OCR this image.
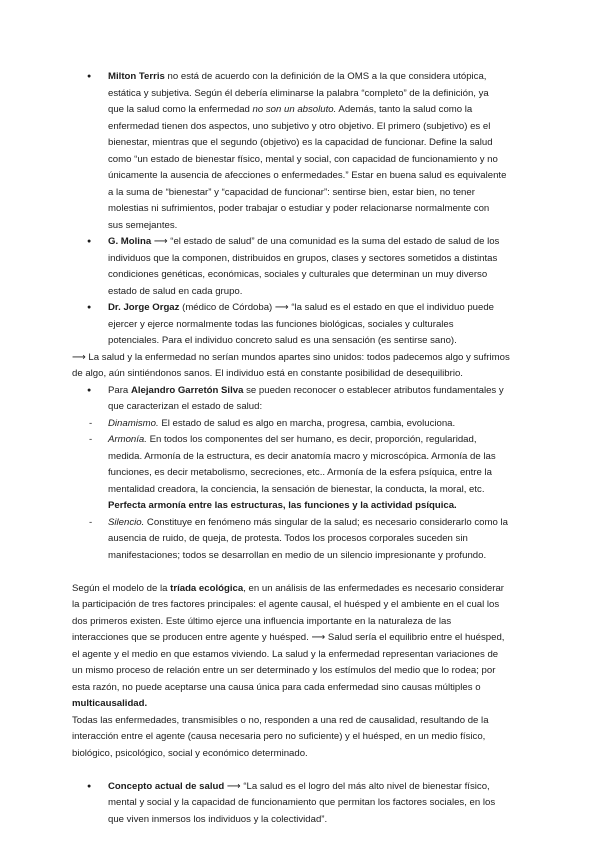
● Milton Terris no está de acuerdo con la definición de la OMS a la que considera utópica,
estática y subjetiva. Según él debería eliminarse la palabra “completo” de la definición, ya
que la salud como la enfermedad no son un absoluto. Además, tanto la salud como la
enfermedad tienen dos aspectos, uno subjetivo y otro objetivo. El primero (subjetivo) es el
bienestar, mientras que el segundo (objetivo) es la capacidad de funcionar. Define la salud
como “un estado de bienestar físico, mental y social, con capacidad de funcionamiento y no
únicamente la ausencia de afecciones o enfermedades.” Estar en buena salud es equivalente
a la suma de “bienestar” y “capacidad de funcionar”: sentirse bien, estar bien, no tener
molestias ni sufrimientos, poder trabajar o estudiar y poder relacionarse normalmente con
sus semejantes.
● G. Molina ⟶ “el estado de salud” de una comunidad es la suma del estado de salud de los
individuos que la componen, distribuidos en grupos, clases y sectores sometidos a distintas
condiciones genéticas, económicas, sociales y culturales que determinan un muy diverso
estado de salud en cada grupo.
● Dr. Jorge Orgaz (médico de Córdoba) ⟶ “la salud es el estado en que el individuo puede
ejercer y ejerce normalmente todas las funciones biológicas, sociales y culturales
potenciales. Para el individuo concreto salud es una sensación (es sentirse sano).
⟶ La salud y la enfermedad no serían mundos apartes sino unidos: todos padecemos algo y sufrimos
de algo, aún sintiéndonos sanos. El individuo está en constante posibilidad de desequilibrio.
● Para Alejandro Garretón Silva se pueden reconocer o establecer atributos fundamentales y
que caracterizan el estado de salud:
- Dinamismo. El estado de salud es algo en marcha, progresa, cambia, evoluciona.
- Armonía. En todos los componentes del ser humano, es decir, proporción, regularidad,
medida. Armonía de la estructura, es decir anatomía macro y microscópica. Armonía de las
funciones, es decir metabolismo, secreciones, etc.. Armonía de la esfera psíquica, entre la
mentalidad creadora, la conciencia, la sensación de bienestar, la conducta, la moral, etc.
Perfecta armonía entre las estructuras, las funciones y la actividad psíquica.
- Silencio. Constituye en fenómeno más singular de la salud; es necesario considerarlo como la
ausencia de ruido, de queja, de protesta. Todos los procesos corporales suceden sin
manifestaciones; todos se desarrollan en medio de un silencio impresionante y profundo.
Según el modelo de la tríada ecológica, en un análisis de las enfermedades es necesario considerar
la participación de tres factores principales: el agente causal, el huésped y el ambiente en el cual los
dos primeros existen. Este último ejerce una influencia importante en la naturaleza de las
interacciones que se producen entre agente y huésped. ⟶ Salud sería el equilibrio entre el huésped,
el agente y el medio en que estamos viviendo. La salud y la enfermedad representan variaciones de
un mismo proceso de relación entre un ser determinado y los estímulos del medio que lo rodea; por
esta razón, no puede aceptarse una causa única para cada enfermedad sino causas múltiples o
multicausalidad.
Todas las enfermedades, transmisibles o no, responden a una red de causalidad, resultando de la
interacción entre el agente (causa necesaria pero no suficiente) y el huésped, en un medio físico,
biológico, psicológico, social y económico determinado.
● Concepto actual de salud ⟶ “La salud es el logro del más alto nivel de bienestar físico,
mental y social y la capacidad de funcionamiento que permitan los factores sociales, en los
que viven inmersos los individuos y la colectividad”.
